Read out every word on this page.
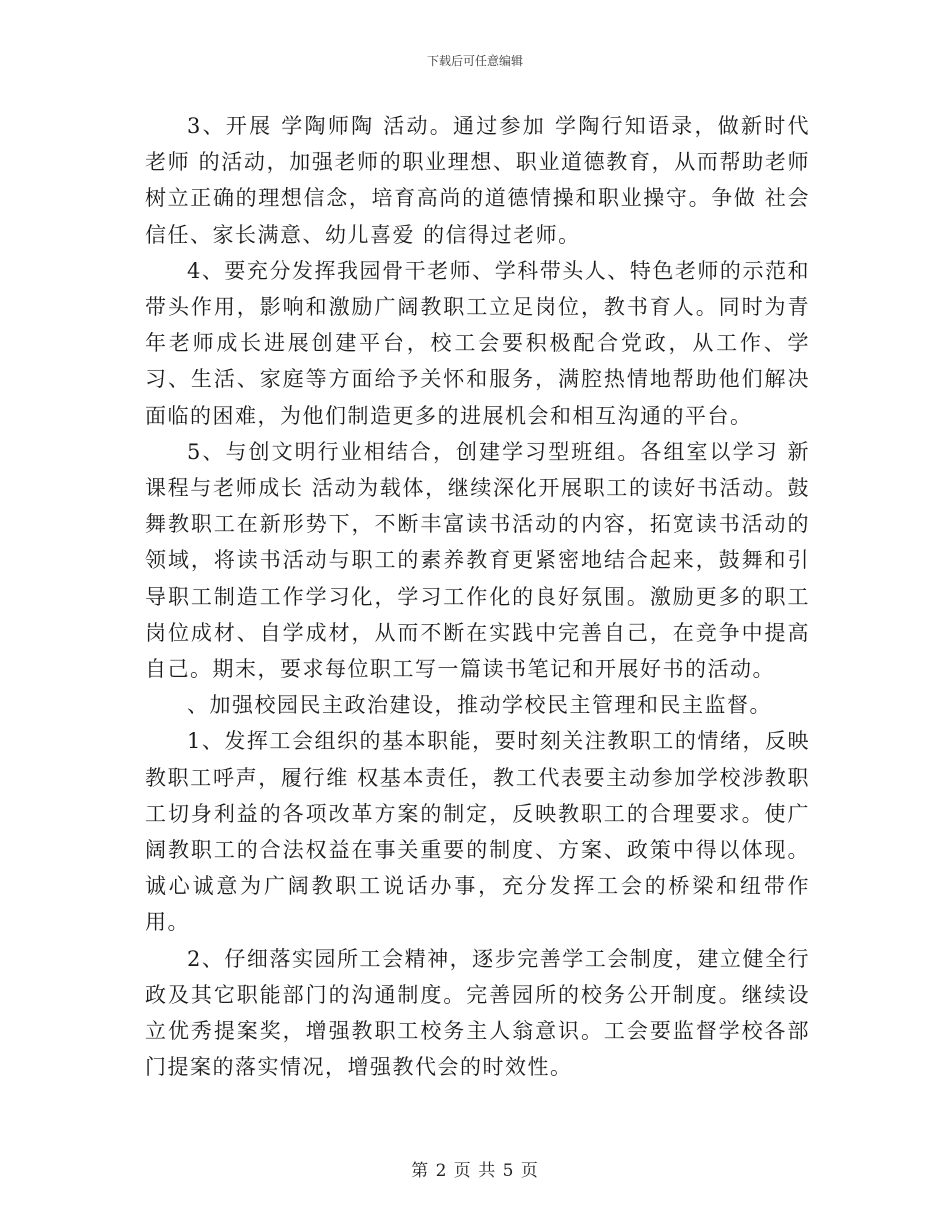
下载后可任意编辑

3、开展 学陶师陶 活动。通过参加 学陶行知语录，做新时代老师 的活动，加强老师的职业理想、职业道德教育，从而帮助老师树立正确的理想信念，培育高尚的道德情操和职业操守。争做 社会信任、家长满意、幼儿喜爱 的信得过老师。

4、要充分发挥我园骨干老师、学科带头人、特色老师的示范和带头作用，影响和激励广阔教职工立足岗位，教书育人。同时为青年老师成长进展创建平台，校工会要积极配合党政，从工作、学习、生活、家庭等方面给予关怀和服务，满腔热情地帮助他们解决面临的困难，为他们制造更多的进展机会和相互沟通的平台。

5、与创文明行业相结合，创建学习型班组。各组室以学习 新课程与老师成长 活动为载体，继续深化开展职工的读好书活动。鼓舞教职工在新形势下，不断丰富读书活动的内容，拓宽读书活动的领域，将读书活动与职工的素养教育更紧密地结合起来，鼓舞和引导职工制造工作学习化，学习工作化的良好氛围。激励更多的职工岗位成材、自学成材，从而不断在实践中完善自己，在竞争中提高自己。期末，要求每位职工写一篇读书笔记和开展好书的活动。

、加强校园民主政治建设，推动学校民主管理和民主监督。

1、发挥工会组织的基本职能，要时刻关注教职工的情绪，反映教职工呼声，履行维 权基本责任，教工代表要主动参加学校涉教职工切身利益的各项改革方案的制定，反映教职工的合理要求。使广阔教职工的合法权益在事关重要的制度、方案、政策中得以体现。诚心诚意为广阔教职工说话办事，充分发挥工会的桥梁和纽带作用。

2、仔细落实园所工会精神，逐步完善学工会制度，建立健全行政及其它职能部门的沟通制度。完善园所的校务公开制度。继续设立优秀提案奖，增强教职工校务主人翁意识。工会要监督学校各部门提案的落实情况，增强教代会的时效性。

第 2 页 共 5 页
